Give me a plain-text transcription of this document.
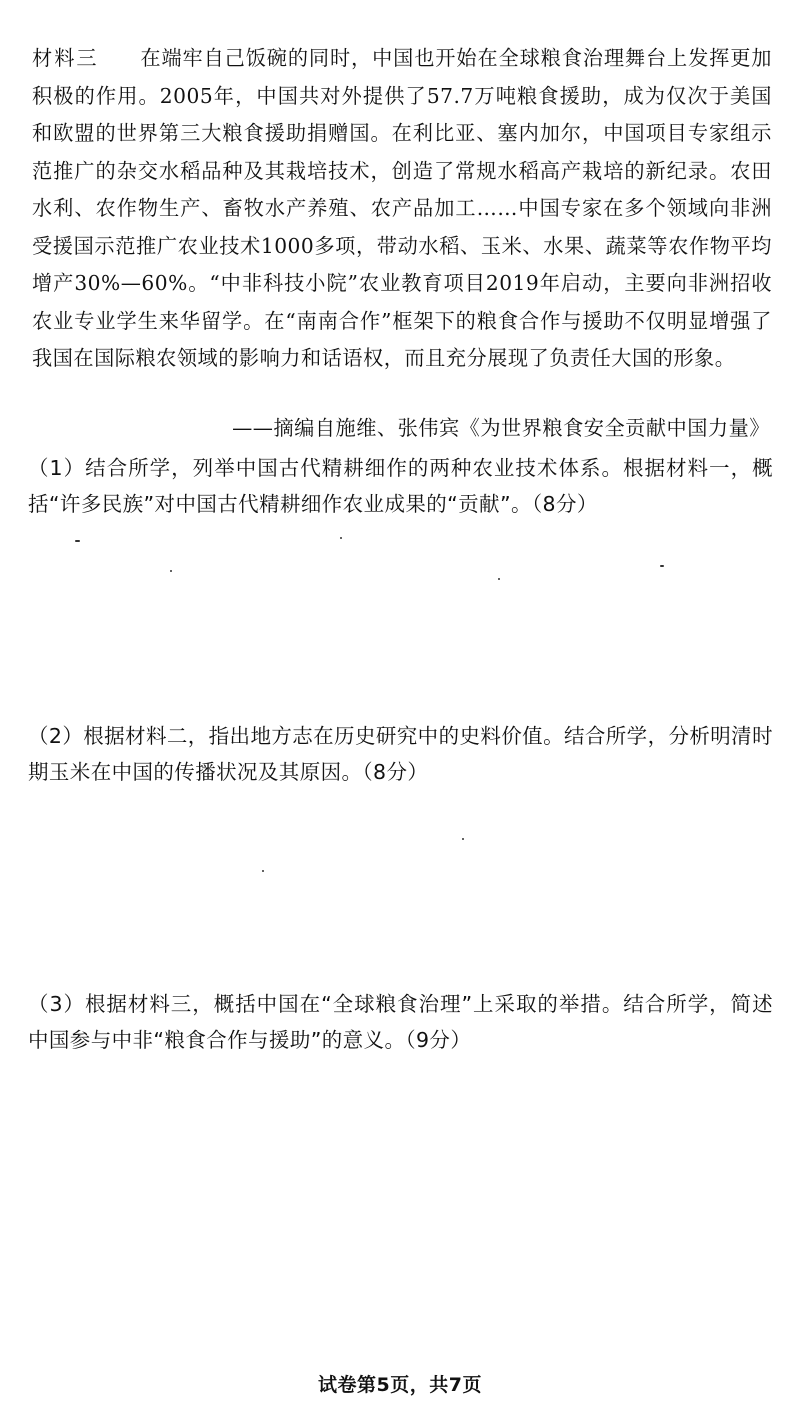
材料三 在端牢自己饭碗的同时，中国也开始在全球粮食治理舞台上发挥更加积极的作用。2005年，中国共对外提供了57.7万吨粮食援助，成为仅次于美国和欧盟的世界第三大粮食援助捐赠国。在利比亚、塞内加尔，中国项目专家组示范推广的杂交水稻品种及其栽培技术，创造了常规水稻高产栽培的新纪录。农田水利、农作物生产、畜牧水产养殖、农产品加工……中国专家在多个领域向非洲受援国示范推广农业技术1000多项，带动水稻、玉米、水果、蔬菜等农作物平均增产30%—60%。“中非科技小院”农业教育项目2019年启动，主要向非洲招收农业专业学生来华留学。在“南南合作”框架下的粮食合作与援助不仅明显增强了我国在国际粮农领域的影响力和话语权，而且充分展现了负责任大国的形象。
——摘编自施维、张伟宾《为世界粮食安全贡献中国力量》
（1）结合所学，列举中国古代精耕细作的两种农业技术体系。根据材料一，概括“许多民族”对中国古代精耕细作农业成果的“贡献”。（8分）
（2）根据材料二，指出地方志在历史研究中的史料价值。结合所学，分析明清时期玉米在中国的传播状况及其原因。（8分）
（3）根据材料三，概括中国在“全球粮食治理”上采取的举措。结合所学，简述中国参与中非“粮食合作与援助”的意义。（9分）
试卷第5页，共7页
